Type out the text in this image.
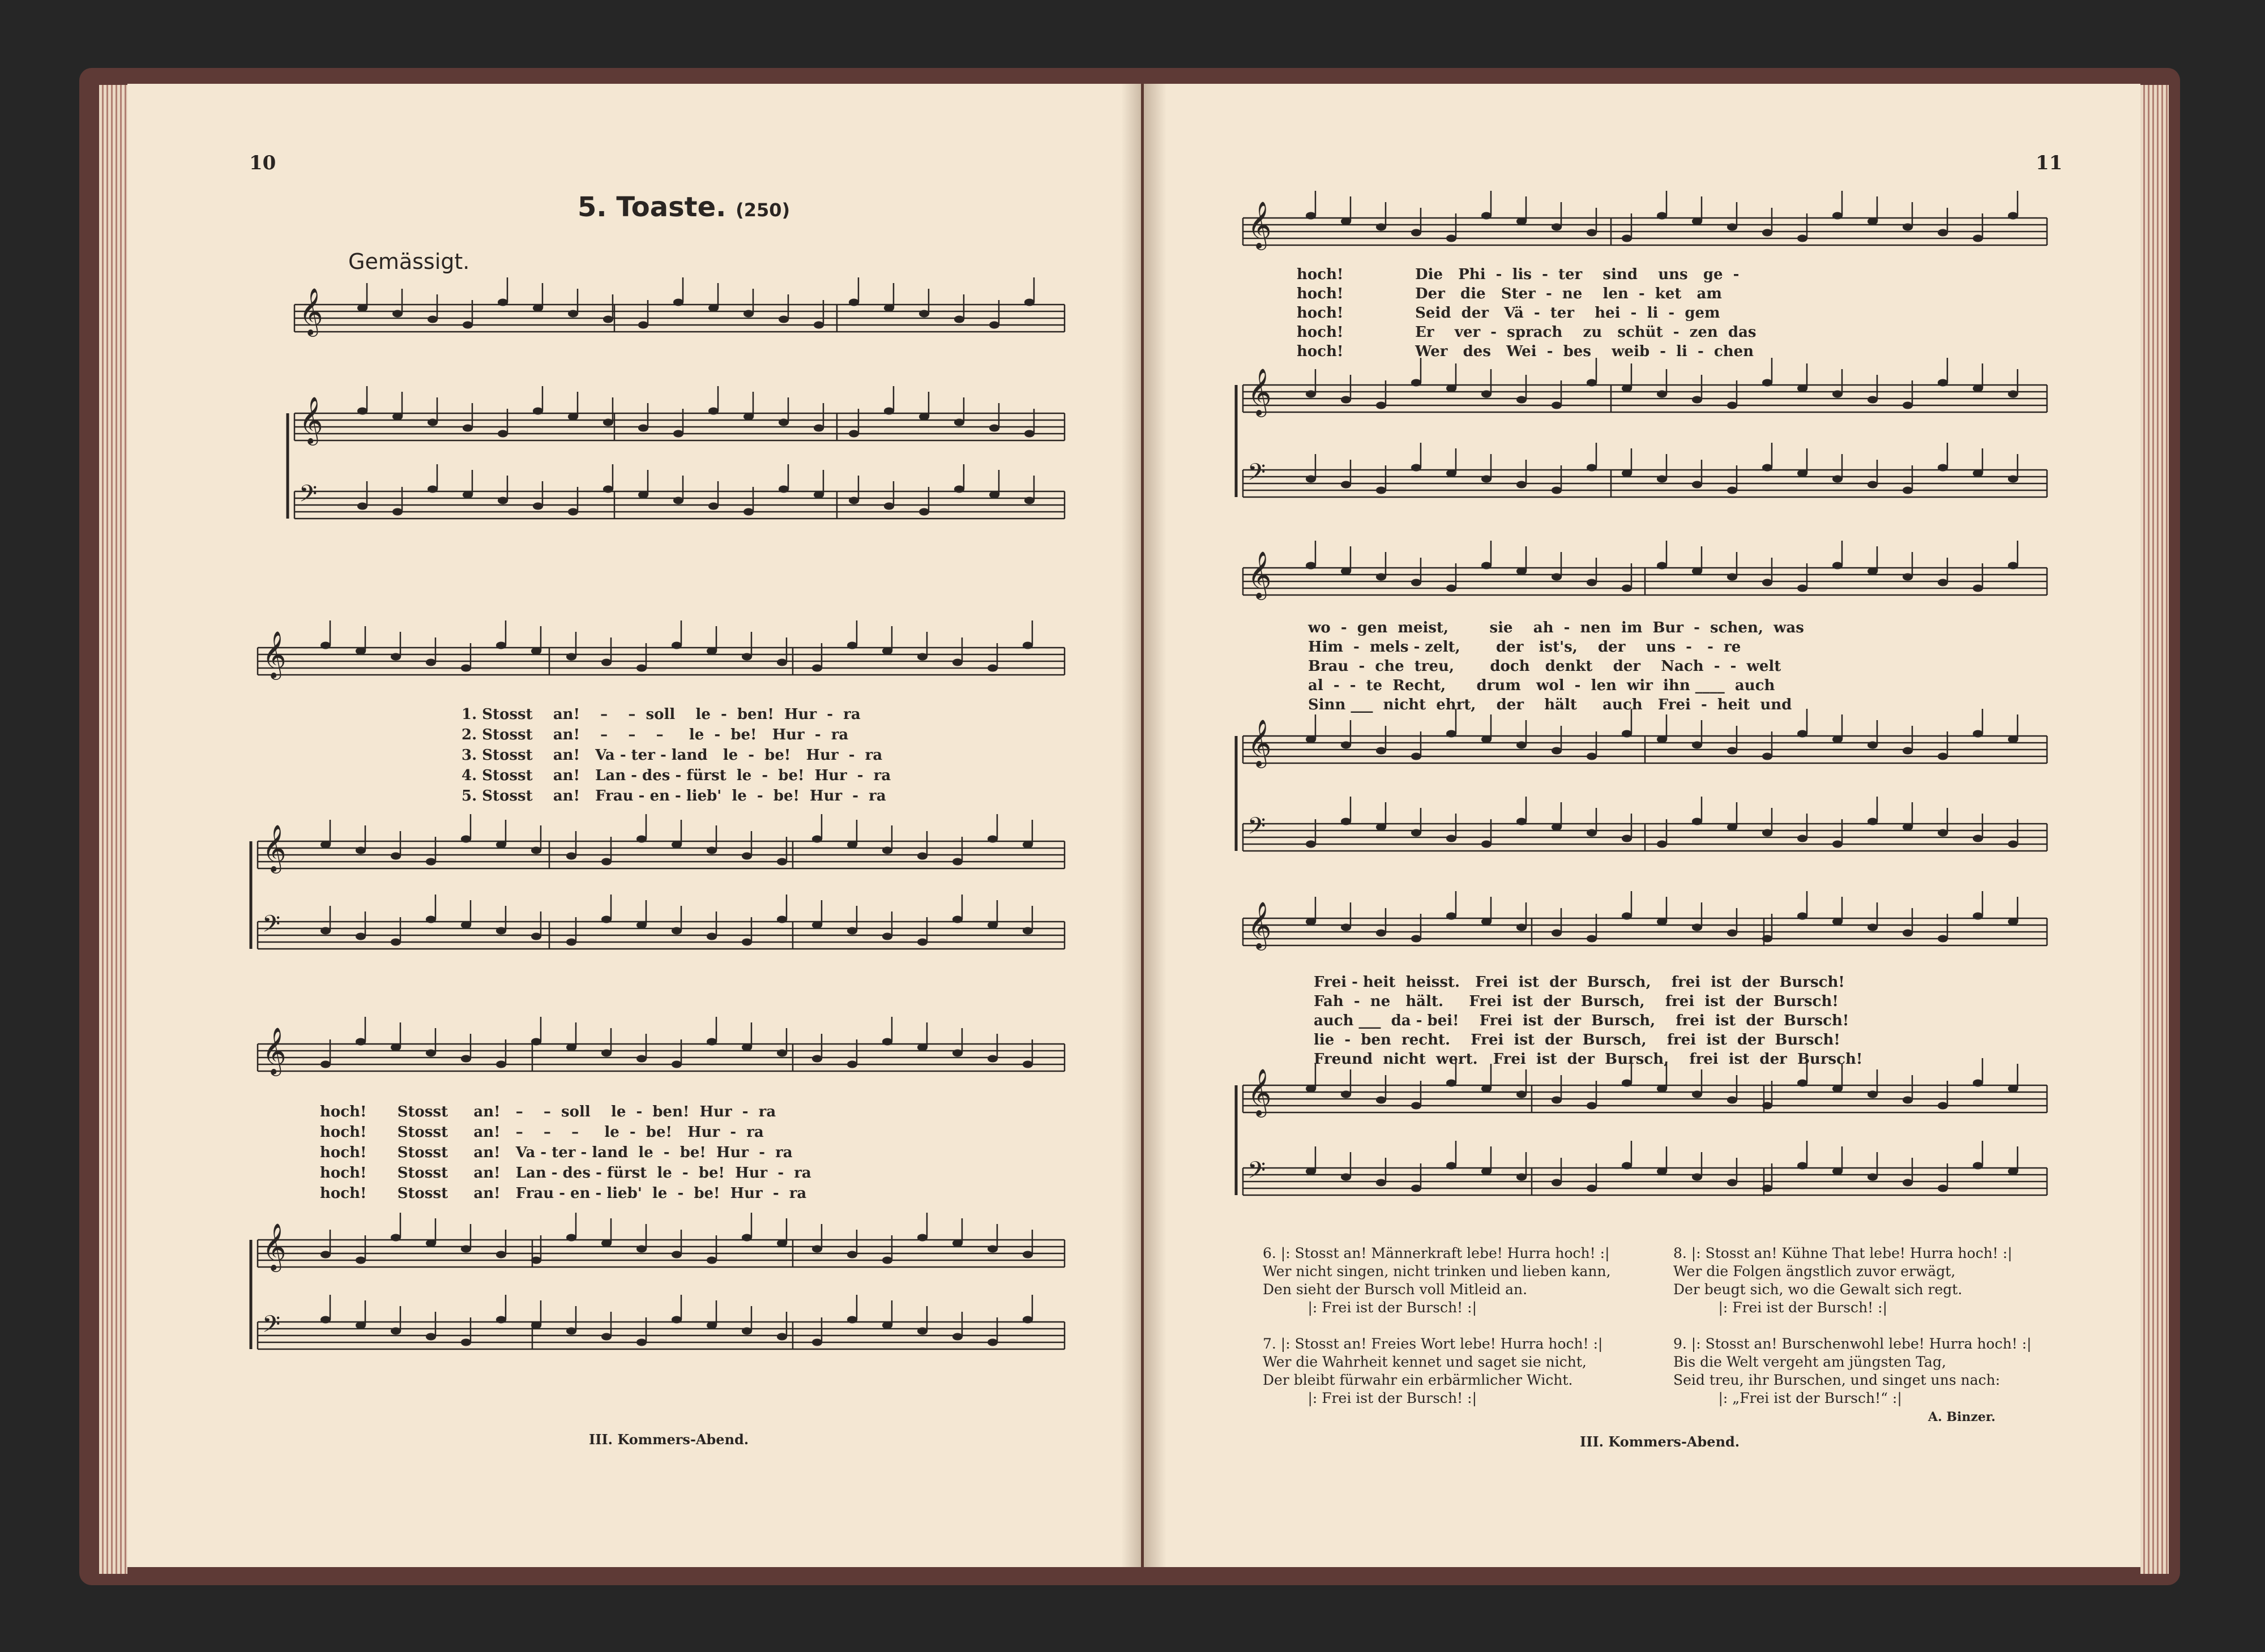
𝄞
𝄞
𝄢
𝄞
𝄞
𝄢
𝄞
𝄞
𝄢
𝄞
𝄞
𝄢
𝄞
𝄞
𝄢
𝄞
𝄞
𝄢
10
5. Toaste. (250)
Gemässigt.
1. Stosst    an!    –    –  soll    le  -  ben!  Hur  -  ra
2. Stosst    an!    –    –    –     le  -  be!   Hur  -  ra
3. Stosst    an!   Va - ter - land   le  -  be!   Hur  -  ra
4. Stosst    an!   Lan - des - fürst  le  -  be!  Hur  -  ra
5. Stosst    an!   Frau - en - lieb'  le  -  be!  Hur  -  ra
hoch!      Stosst     an!   –    –  soll    le  -  ben!  Hur  -  ra
hoch!      Stosst     an!   –    –    –     le  -  be!   Hur  -  ra
hoch!      Stosst     an!   Va - ter - land  le  -  be!  Hur  -  ra
hoch!      Stosst     an!   Lan - des - fürst  le  -  be!  Hur  -  ra
hoch!      Stosst     an!   Frau - en - lieb'  le  -  be!  Hur  -  ra
III. Kommers-Abend.
11
hoch!              Die   Phi  -  lis  -  ter    sind    uns   ge  -
hoch!              Der   die   Ster  -  ne    len  -  ket   am
hoch!              Seid  der   Vä  -  ter    hei  -  li  -  gem
hoch!              Er    ver  -  sprach    zu   schüt  -  zen  das
hoch!              Wer   des   Wei  -  bes    weib  -  li  -  chen
wo  -  gen  meist,        sie    ah  -  nen  im  Bur  -  schen,  was
Him  -  mels - zelt,       der   ist's,    der    uns  -   -  re
Brau  -  che  treu,       doch   denkt    der    Nach  -  -  welt
al  -  -  te  Recht,      drum   wol  -  len  wir  ihn ____  auch
Sinn ___  nicht  ehrt,    der    hält     auch   Frei  -  heit  und
Frei - heit  heisst.   Frei  ist  der  Bursch,    frei  ist  der  Bursch!
Fah  -  ne   hält.     Frei  ist  der  Bursch,    frei  ist  der  Bursch!
auch ___  da - bei!    Frei  ist  der  Bursch,    frei  ist  der  Bursch!
lie  -  ben  recht.    Frei  ist  der  Bursch,    frei  ist  der  Bursch!
Freund  nicht  wert.   Frei  ist  der  Bursch,    frei  ist  der  Bursch!
6. |: Stosst an! Männerkraft lebe! Hurra hoch! :|
Wer nicht singen, nicht trinken und lieben kann,
Den sieht der Bursch voll Mitleid an.
|: Frei ist der Bursch! :|

7. |: Stosst an! Freies Wort lebe! Hurra hoch! :|
Wer die Wahrheit kennet und saget sie nicht,
Der bleibt fürwahr ein erbärmlicher Wicht.
|: Frei ist der Bursch! :|
8. |: Stosst an! Kühne That lebe! Hurra hoch! :|
Wer die Folgen ängstlich zuvor erwägt,
Der beugt sich, wo die Gewalt sich regt.
|: Frei ist der Bursch! :|

9. |: Stosst an! Burschenwohl lebe! Hurra hoch! :|
Bis die Welt vergeht am jüngsten Tag,
Seid treu, ihr Burschen, und singet uns nach:
|: „Frei ist der Bursch!“ :|
A. Binzer.
III. Kommers-Abend.
